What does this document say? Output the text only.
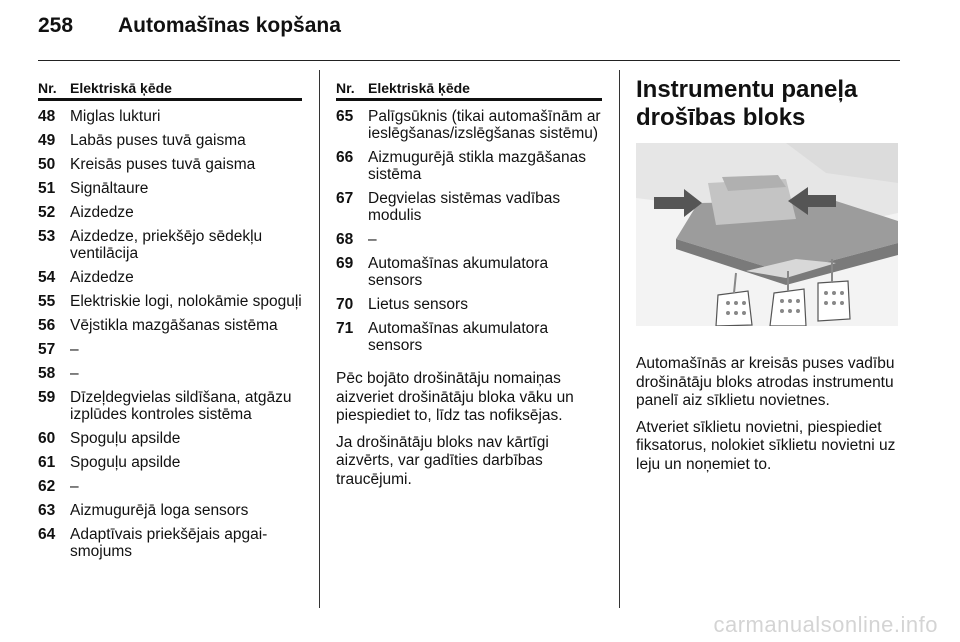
258 Automašīnas kopšana
Nr. Elektriskā ķēde
48 Miglas lukturi
49 Labās puses tuvā gaisma
50 Kreisās puses tuvā gaisma
51 Signāltaure
52 Aizdedze
53 Aizdedze, priekšējo sēdekļu ventilācija
54 Aizdedze
55 Elektriskie logi, nolokāmie spoguļi
56 Vējstikla mazgāšanas sistēma
57 –
58 –
59 Dīzeļdegvielas sildīšana, atgāzu izplūdes kontroles sistēma
60 Spoguļu apsilde
61 Spoguļu apsilde
62 –
63 Aizmugurējā loga sensors
64 Adaptīvais priekšējais apgai- smojums
Nr. Elektriskā ķēde
65 Palīgsūknis (tikai automašīnām ar ieslēgšanas/izslēgšanas sistēmu)
66 Aizmugurējā stikla mazgāšanas sistēma
67 Degvielas sistēmas vadības modulis
68 –
69 Automašīnas akumulatora sensors
70 Lietus sensors
71 Automašīnas akumulatora sensors
Pēc bojāto drošinātāju nomaiņas aizveriet drošinātāju bloka vāku un piespiediet to, līdz tas nofiksējas.
Ja drošinātāju bloks nav kārtīgi aizvērts, var gadīties darbības traucējumi.
Instrumentu paneļa drošības bloks
Automašīnās ar kreisās puses vadību drošinātāju bloks atrodas instrumentu panelī aiz sīklietu novietnes.
Atveriet sīklietu novietni, piespiediet fiksatorus, nolokiet sīklietu novietni uz leju un noņemiet to.
carmanualsonline.info
